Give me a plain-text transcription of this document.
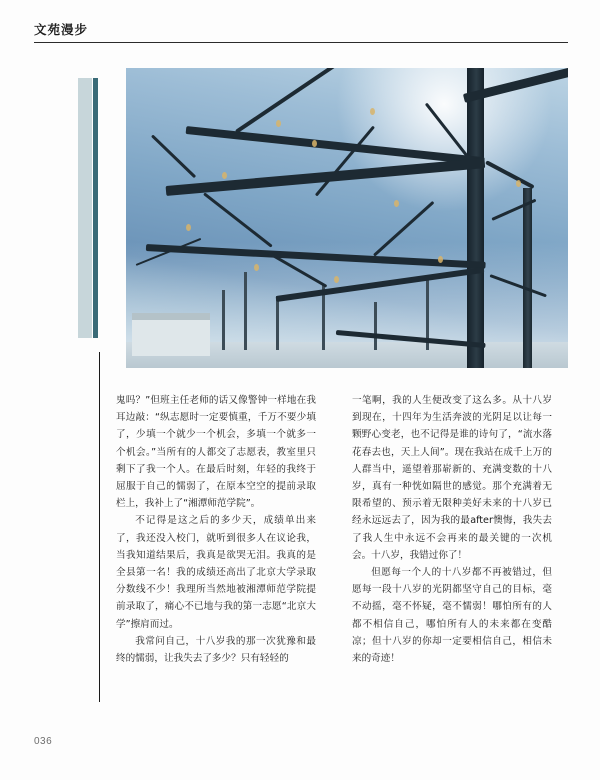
文苑漫步

鬼吗？”但班主任老师的话又像警钟一样地在我耳边敲：“纵志愿时一定要慎重，千万不要少填了，少填一个就少一个机会，多填一个就多一个机会。”当所有的人都交了志愿表，教室里只剩下了我一个人。在最后时刻，年轻的我终于屈服于自己的懦弱了，在原本空空的提前录取栏上，我补上了“湘潭师范学院”。

不记得是这之后的多少天，成绩单出来了，我还没入校门，就听到很多人在议论我，当我知道结果后，我真是欲哭无泪。我真的是全县第一名！我的成绩还高出了北京大学录取分数线不少！我理所当然地被湘潭师范学院提前录取了，痛心不已地与我的第一志愿“北京大学”擦肩而过。

我常问自己，十八岁我的那一次犹豫和最终的懦弱，让我失去了多少？只有轻轻的

一笔啊，我的人生便改变了这么多。从十八岁到现在，十四年为生活奔波的光阴足以让每一颗野心变老，也不记得是谁的诗句了，“流水落花春去也，天上人间”。现在我站在成千上万的人群当中，遥望着那崭新的、充满变数的十八岁，真有一种恍如隔世的感觉。那个充满着无限希望的、预示着无限种美好未来的十八岁已经永远远去了，因为我的最after懊悔，我失去了我人生中永远不会再来的最关键的一次机会。十八岁，我错过你了！

但愿每一个人的十八岁都不再被错过，但愿每一段十八岁的光阴都坚守自己的目标，毫不动摇，毫不怀疑，毫不懦弱！哪怕所有的人都不相信自己，哪怕所有人的未来都在变酷凉；但十八岁的你却一定要相信自己，相信未来的奇迹！

036
